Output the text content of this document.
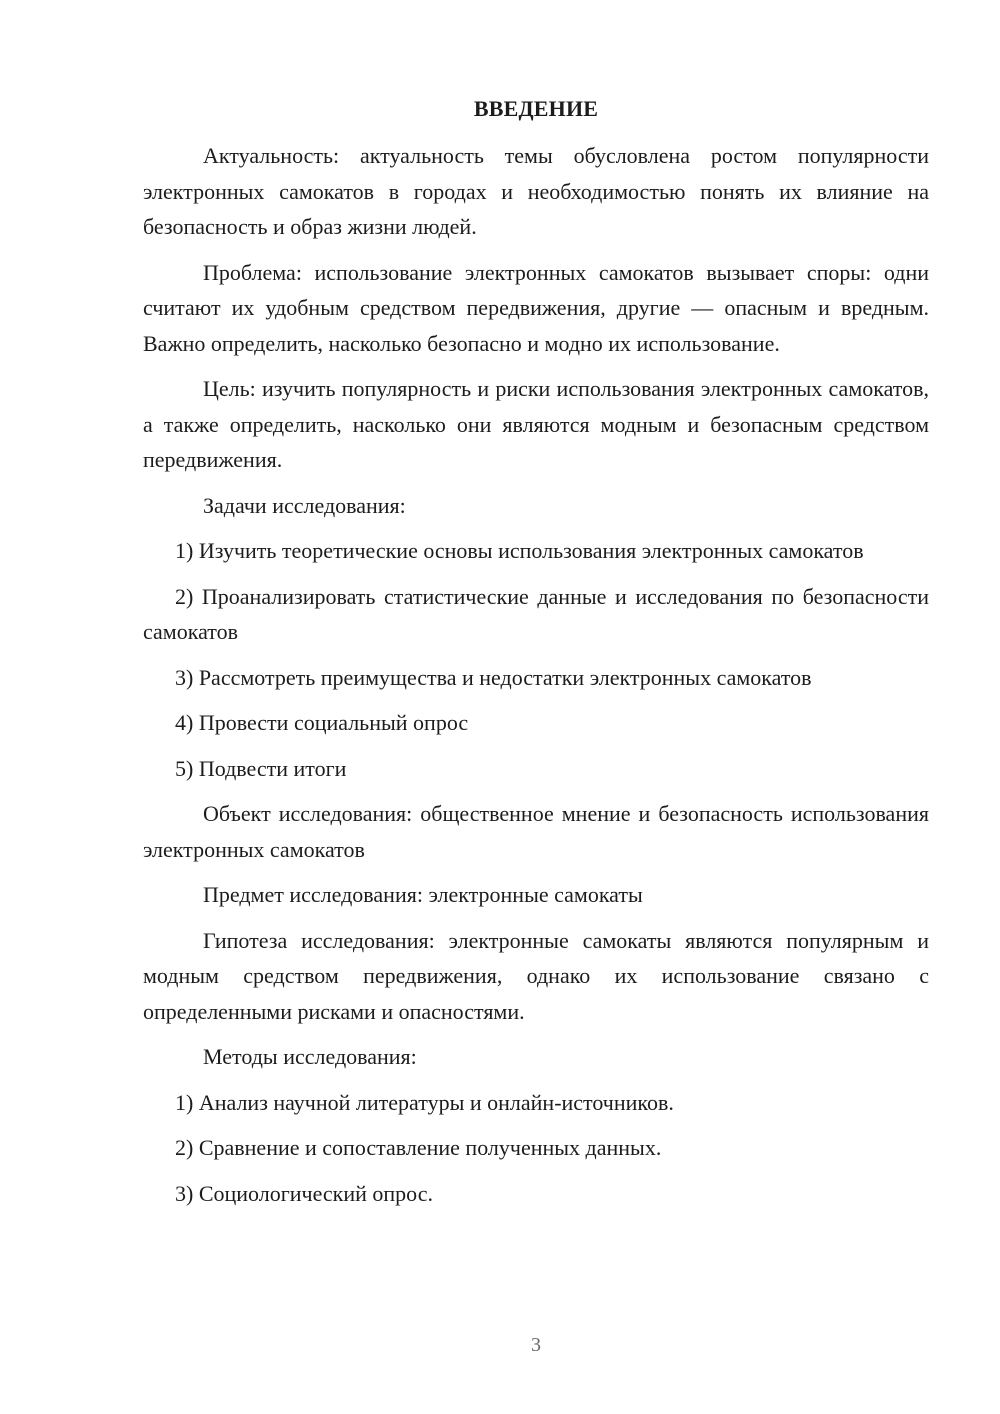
ВВЕДЕНИЕ

Актуальность: актуальность темы обусловлена ростом популярности электронных самокатов в городах и необходимостью понять их влияние на безопасность и образ жизни людей.

Проблема: использование электронных самокатов вызывает споры: одни считают их удобным средством передвижения, другие — опасным и вредным. Важно определить, насколько безопасно и модно их использование.

Цель: изучить популярность и риски использования электронных самокатов, а также определить, насколько они являются модным и безопасным средством передвижения.

Задачи исследования:

1) Изучить теоретические основы использования электронных самокатов

2) Проанализировать статистические данные и исследования по безопасности самокатов

3) Рассмотреть преимущества и недостатки электронных самокатов

4) Провести социальный опрос

5) Подвести итоги

Объект исследования: общественное мнение и безопасность использования электронных самокатов

Предмет исследования: электронные самокаты

Гипотеза исследования: электронные самокаты являются популярным и модным средством передвижения, однако их использование связано с определенными рисками и опасностями.

Методы исследования:

1) Анализ научной литературы и онлайн-источников.

2) Сравнение и сопоставление полученных данных.

3) Социологический опрос.

3
